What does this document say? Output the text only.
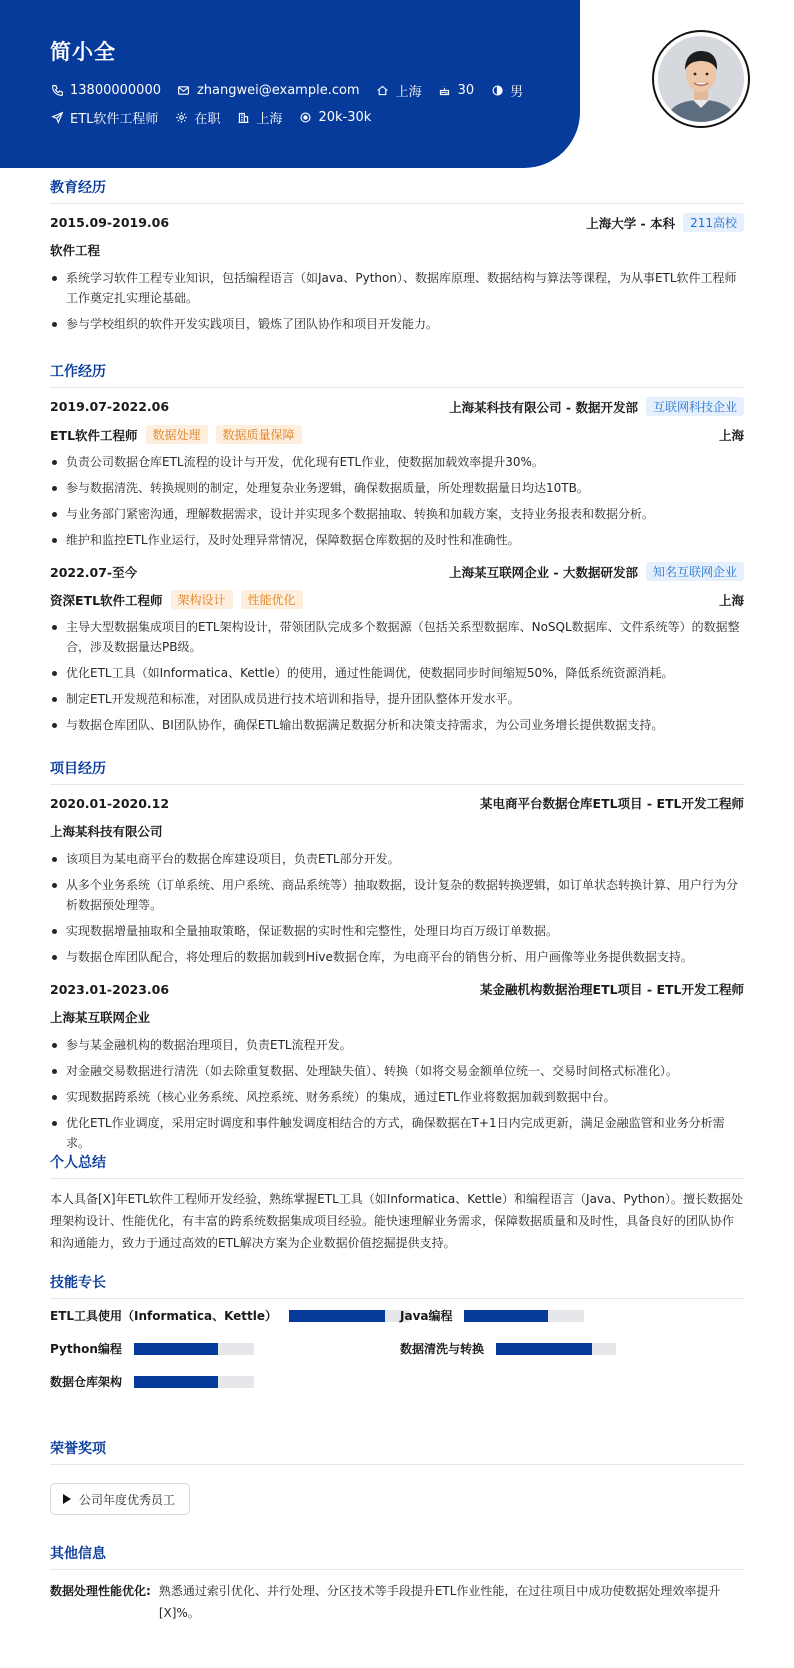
简小全
13800000000	zhangwei@example.com	上海	30	男
ETL软件工程师	在职	上海	20k-30k
教育经历
2015.09-2019.06	上海大学 - 本科	211高校
软件工程
系统学习软件工程专业知识，包括编程语言（如Java、Python）、数据库原理、数据结构与算法等课程，为从事ETL软件工程师工作奠定扎实理论基础。
参与学校组织的软件开发实践项目，锻炼了团队协作和项目开发能力。
工作经历
2019.07-2022.06	上海某科技有限公司 - 数据开发部	互联网科技企业
ETL软件工程师	数据处理	数据质量保障	上海
负责公司数据仓库ETL流程的设计与开发，优化现有ETL作业，使数据加载效率提升30%。
参与数据清洗、转换规则的制定，处理复杂业务逻辑，确保数据质量，所处理数据量日均达10TB。
与业务部门紧密沟通，理解数据需求，设计并实现多个数据抽取、转换和加载方案，支持业务报表和数据分析。
维护和监控ETL作业运行，及时处理异常情况，保障数据仓库数据的及时性和准确性。
2022.07-至今	上海某互联网企业 - 大数据研发部	知名互联网企业
资深ETL软件工程师	架构设计	性能优化	上海
主导大型数据集成项目的ETL架构设计，带领团队完成多个数据源（包括关系型数据库、NoSQL数据库、文件系统等）的数据整合，涉及数据量达PB级。
优化ETL工具（如Informatica、Kettle）的使用，通过性能调优，使数据同步时间缩短50%，降低系统资源消耗。
制定ETL开发规范和标准，对团队成员进行技术培训和指导，提升团队整体开发水平。
与数据仓库团队、BI团队协作，确保ETL输出数据满足数据分析和决策支持需求，为公司业务增长提供数据支持。
项目经历
2020.01-2020.12	某电商平台数据仓库ETL项目 - ETL开发工程师
上海某科技有限公司
该项目为某电商平台的数据仓库建设项目，负责ETL部分开发。
从多个业务系统（订单系统、用户系统、商品系统等）抽取数据，设计复杂的数据转换逻辑，如订单状态转换计算、用户行为分析数据预处理等。
实现数据增量抽取和全量抽取策略，保证数据的实时性和完整性，处理日均百万级订单数据。
与数据仓库团队配合，将处理后的数据加载到Hive数据仓库，为电商平台的销售分析、用户画像等业务提供数据支持。
2023.01-2023.06	某金融机构数据治理ETL项目 - ETL开发工程师
上海某互联网企业
参与某金融机构的数据治理项目，负责ETL流程开发。
对金融交易数据进行清洗（如去除重复数据、处理缺失值）、转换（如将交易金额单位统一、交易时间格式标准化）。
实现数据跨系统（核心业务系统、风控系统、财务系统）的集成，通过ETL作业将数据加载到数据中台。
优化ETL作业调度，采用定时调度和事件触发调度相结合的方式，确保数据在T+1日内完成更新，满足金融监管和业务分析需求。
个人总结
本人具备[X]年ETL软件工程师开发经验，熟练掌握ETL工具（如Informatica、Kettle）和编程语言（Java、Python）。擅长数据处理架构设计、性能优化，有丰富的跨系统数据集成项目经验。能快速理解业务需求，保障数据质量和及时性，具备良好的团队协作和沟通能力，致力于通过高效的ETL解决方案为企业数据价值挖掘提供支持。
技能专长
ETL工具使用（Informatica、Kettle）	Java编程
Python编程	数据清洗与转换
数据仓库架构
荣誉奖项
公司年度优秀员工
其他信息
数据处理性能优化: 熟悉通过索引优化、并行处理、分区技术等手段提升ETL作业性能，在过往项目中成功使数据处理效率提升[X]%。
